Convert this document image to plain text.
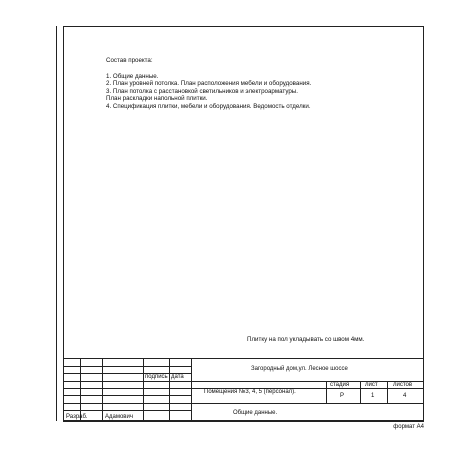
Состав проекта:
1. Общие данные.
2. План уровней потолка. План расположения мебели и оборудования.
3. План потолка с расстановкой светильников и электроарматуры.
План раскладки напольной плитки.
4. Спецификация плитки, мебели и оборудования. Ведомость отделки.
Плитку на пол укладывать со швом 4мм.
подпись дата
Загородный дом,ул. Лесное шоссе
Помещения №3, 4, 5 (персонал).
Общие данные.
Разраб.	Адамович
стадия	лист	листов
Р	1	4
формат А4
